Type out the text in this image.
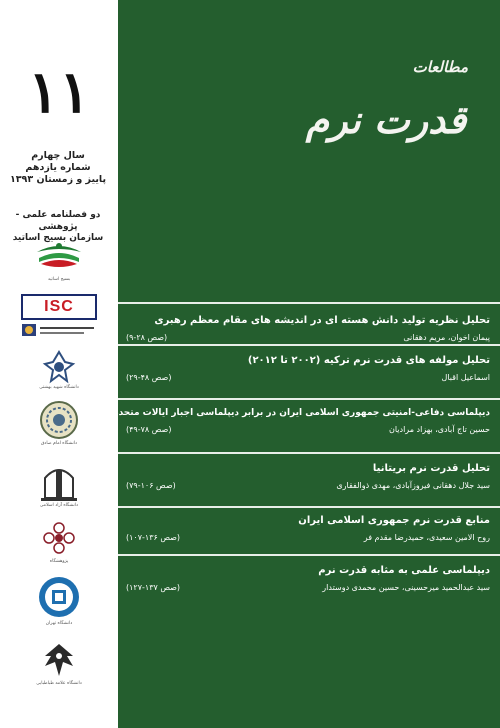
۱۱
سال چهارم
شماره یازدهم
پاییز و زمستان ۱۳۹۳
دو فصلنامه علمی - پژوهشی
سازمان بسیج اساتید
بسیج اساتید
ISC
دانشگاه شهید بهشتی
دانشگاه امام صادق
دانشگاه آزاد اسلامی
پژوهشگاه
دانشگاه تهران
دانشگاه علامه طباطبایی
مطالعات
قدرت نرم
تحلیل نظریه تولید دانش هسته ای در اندیشه های مقام معظم رهبری
پیمان اخوان، مریم دهقانی
(صص ۲۸-۹)
تحلیل مولفه های قدرت نرم ترکیه (۲۰۰۲ تا ۲۰۱۲)
اسماعیل اقبال
(صص ۴۸-۲۹)
دیپلماسی دفاعی-امنیتی جمهوری اسلامی ایران در برابر دیپلماسی اجبار ایالات متحده آمریکا
حسین تاج آبادی، بهزاد مرادیان
(صص ۷۸-۴۹)
تحلیل قدرت نرم بریتانیا
سید جلال دهقانی فیروزآبادی، مهدی ذوالفقاری
(صص ۱۰۶-۷۹)
منابع قدرت نرم جمهوری اسلامی ایران
روح الامین سعیدی، حمیدرضا مقدم فر
(صص ۱۳۶-۱۰۷)
دیپلماسی علمی به مثابه قدرت نرم
سید عبدالحمید میرحسینی، حسین محمدی دوستدار
(صص ۱۳۷-۱۲۷)
